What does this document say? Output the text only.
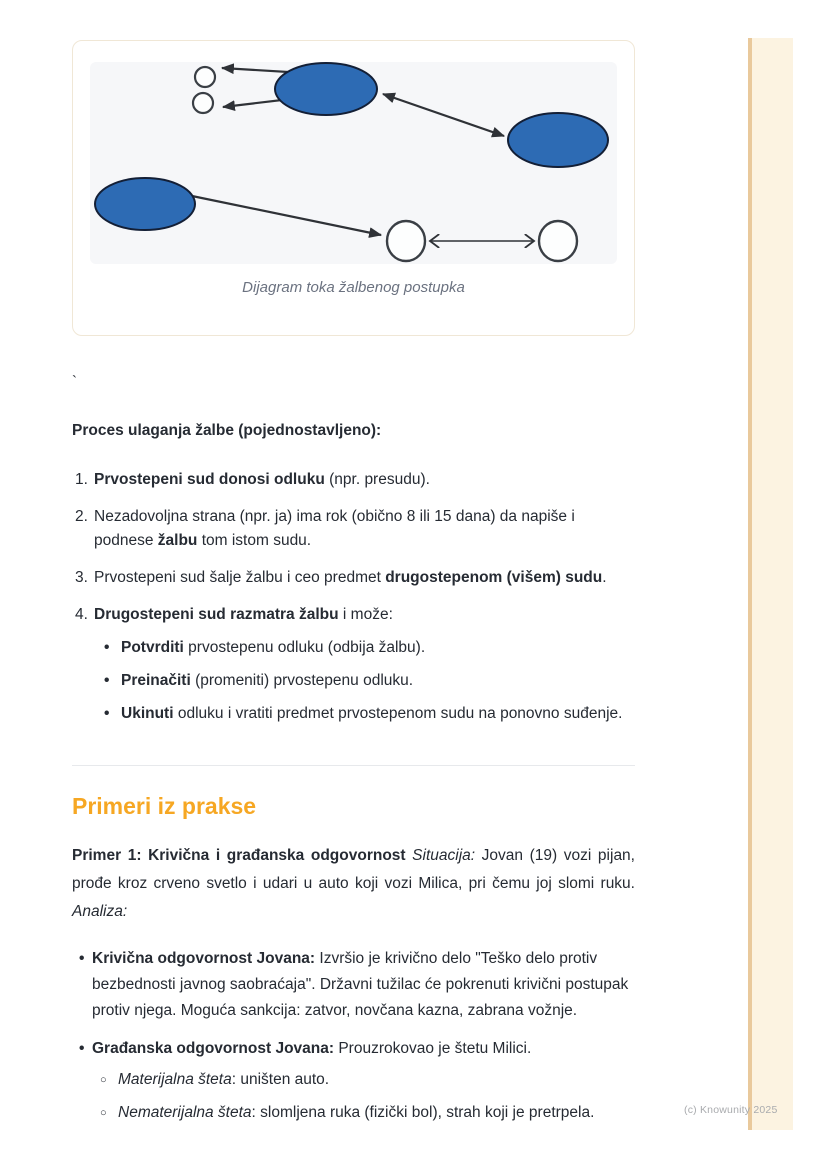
Dijagram toka žalbenog postupka
`
Proces ulaganja žalbe (pojednostavljeno):
1. Prvostepeni sud donosi odluku (npr. presudu).
2. Nezadovoljna strana (npr. ja) ima rok (obično 8 ili 15 dana) da napiše i podnese žalbu tom istom sudu.
3. Prvostepeni sud šalje žalbu i ceo predmet drugostepenom (višem) sudu.
4. Drugostepeni sud razmatra žalbu i može:
• Potvrditi prvostepenu odluku (odbija žalbu).
• Preinačiti (promeniti) prvostepenu odluku.
• Ukinuti odluku i vratiti predmet prvostepenom sudu na ponovno suđenje.
Primeri iz prakse
Primer 1: Krivična i građanska odgovornost Situacija: Jovan (19) vozi pijan, prođe kroz crveno svetlo i udari u auto koji vozi Milica, pri čemu joj slomi ruku. Analiza:
• Krivična odgovornost Jovana: Izvršio je krivično delo "Teško delo protiv bezbednosti javnog saobraćaja". Državni tužilac će pokrenuti krivični postupak protiv njega. Moguća sankcija: zatvor, novčana kazna, zabrana vožnje.
• Građanska odgovornost Jovana: Prouzrokovao je štetu Milici.
○ Materijalna šteta: uništen auto.
○ Nematerijalna šteta: slomljena ruka (fizički bol), strah koji je pretrpela.	(c) Knowunity 2025
